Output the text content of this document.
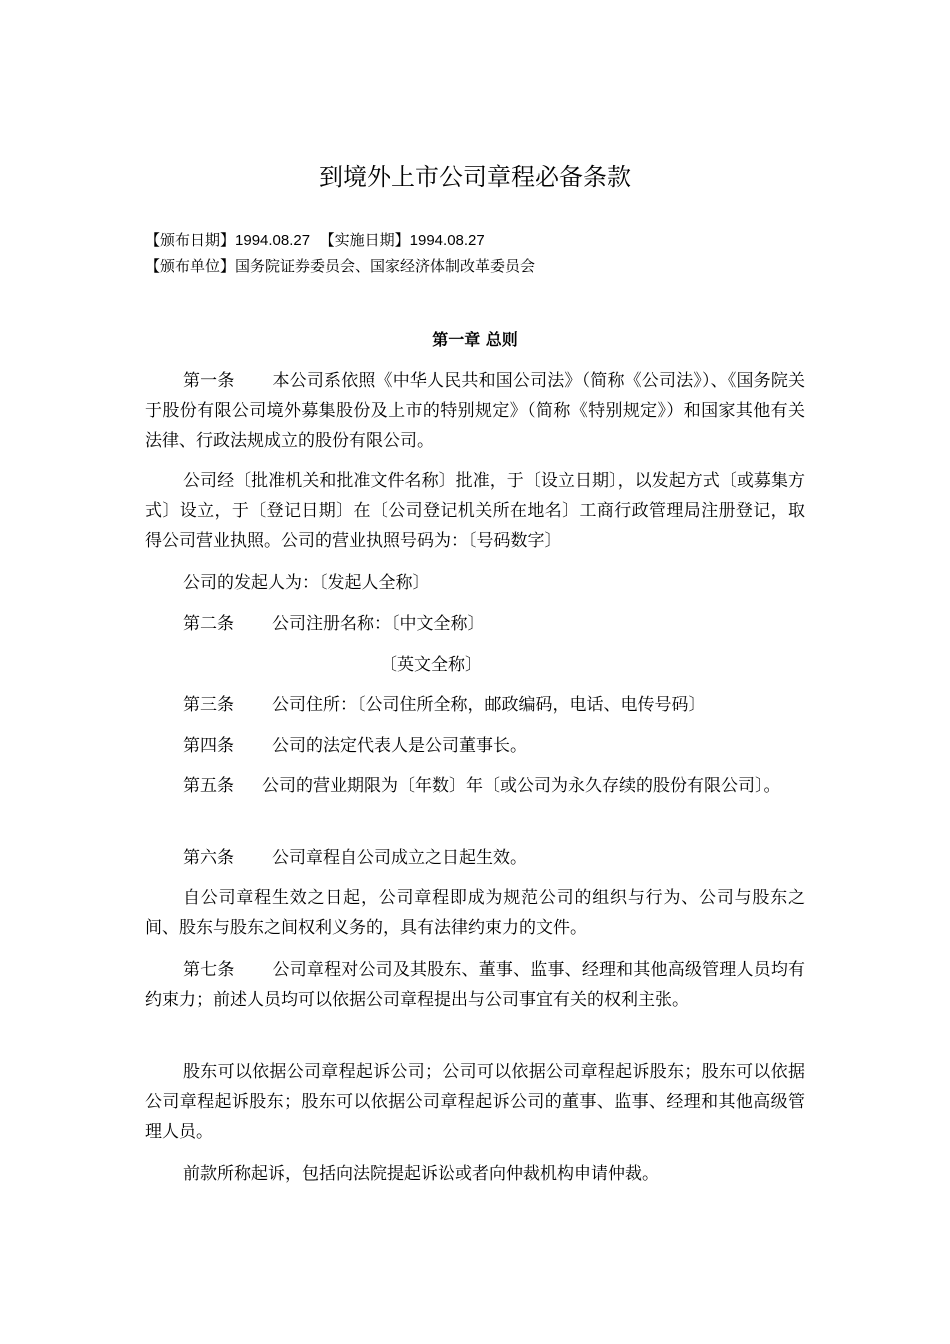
到境外上市公司章程必备条款
【颁布日期】1994.08.27 【实施日期】1994.08.27
【颁布单位】国务院证券委员会、国家经济体制改革委员会
第一章 总则

第一条 本公司系依照《中华人民共和国公司法》（简称《公司法》）、《国务院关于股份有限公司境外募集股份及上市的特别规定》（简称《特别规定》）和国家其他有关法律、行政法规成立的股份有限公司。

公司经〔批准机关和批准文件名称〕批准，于〔设立日期〕，以发起方式〔或募集方式〕设立，于〔登记日期〕在〔公司登记机关所在地名〕工商行政管理局注册登记，取得公司营业执照。公司的营业执照号码为：〔号码数字〕

公司的发起人为：〔发起人全称〕

第二条 公司注册名称：〔中文全称〕

〔英文全称〕

第三条 公司住所：〔公司住所全称，邮政编码，电话、电传号码〕

第四条 公司的法定代表人是公司董事长。

第五条 公司的营业期限为〔年数〕年〔或公司为永久存续的股份有限公司〕。

第六条 公司章程自公司成立之日起生效。

自公司章程生效之日起，公司章程即成为规范公司的组织与行为、公司与股东之间、股东与股东之间权利义务的，具有法律约束力的文件。

第七条 公司章程对公司及其股东、董事、监事、经理和其他高级管理人员均有约束力；前述人员均可以依据公司章程提出与公司事宜有关的权利主张。

股东可以依据公司章程起诉公司；公司可以依据公司章程起诉股东；股东可以依据公司章程起诉股东；股东可以依据公司章程起诉公司的董事、监事、经理和其他高级管理人员。

前款所称起诉，包括向法院提起诉讼或者向仲裁机构申请仲裁。
